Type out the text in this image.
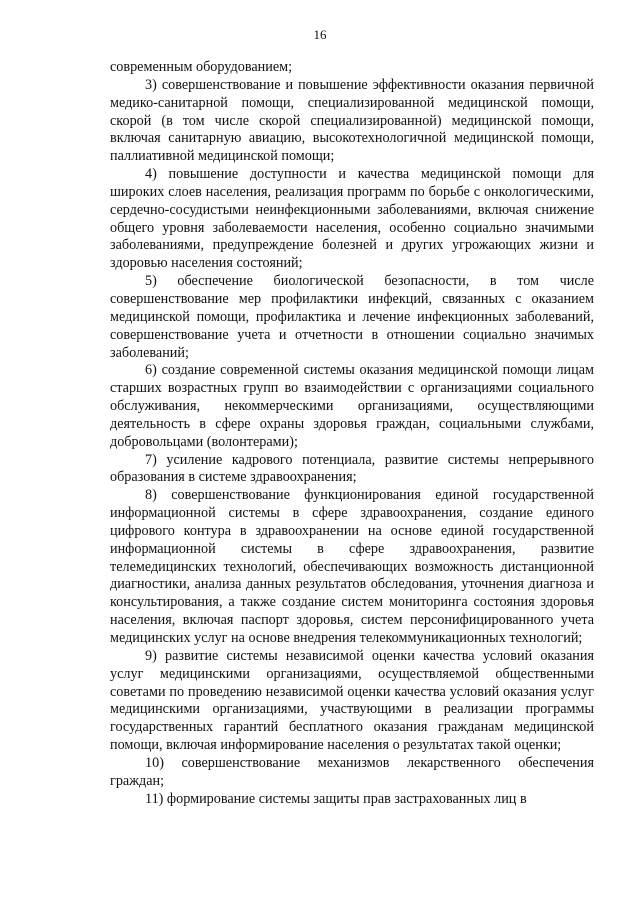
16

современным оборудованием;

3) совершенствование и повышение эффективности оказания первичной медико-санитарной помощи, специализированной медицинской помощи, скорой (в том числе скорой специализированной) медицинской помощи, включая санитарную авиацию, высокотехнологичной медицинской помощи, паллиативной медицинской помощи;

4) повышение доступности и качества медицинской помощи для широких слоев населения, реализация программ по борьбе с онкологическими, сердечно-сосудистыми неинфекционными заболеваниями, включая снижение общего уровня заболеваемости населения, особенно социально значимыми заболеваниями, предупреждение болезней и других угрожающих жизни и здоровью населения состояний;

5) обеспечение биологической безопасности, в том числе совершенствование мер профилактики инфекций, связанных с оказанием медицинской помощи, профилактика и лечение инфекционных заболеваний, совершенствование учета и отчетности в отношении социально значимых заболеваний;

6) создание современной системы оказания медицинской помощи лицам старших возрастных групп во взаимодействии с организациями социального обслуживания, некоммерческими организациями, осуществляющими деятельность в сфере охраны здоровья граждан, социальными службами, добровольцами (волонтерами);

7) усиление кадрового потенциала, развитие системы непрерывного образования в системе здравоохранения;

8) совершенствование функционирования единой государственной информационной системы в сфере здравоохранения, создание единого цифрового контура в здравоохранении на основе единой государственной информационной системы в сфере здравоохранения, развитие телемедицинских технологий, обеспечивающих возможность дистанционной диагностики, анализа данных результатов обследования, уточнения диагноза и консультирования, а также создание систем мониторинга состояния здоровья населения, включая паспорт здоровья, систем персонифицированного учета медицинских услуг на основе внедрения телекоммуникационных технологий;

9) развитие системы независимой оценки качества условий оказания услуг медицинскими организациями, осуществляемой общественными советами по проведению независимой оценки качества условий оказания услуг медицинскими организациями, участвующими в реализации программы государственных гарантий бесплатного оказания гражданам медицинской помощи, включая информирование населения о результатах такой оценки;

10) совершенствование механизмов лекарственного обеспечения граждан;

11) формирование системы защиты прав застрахованных лиц в
